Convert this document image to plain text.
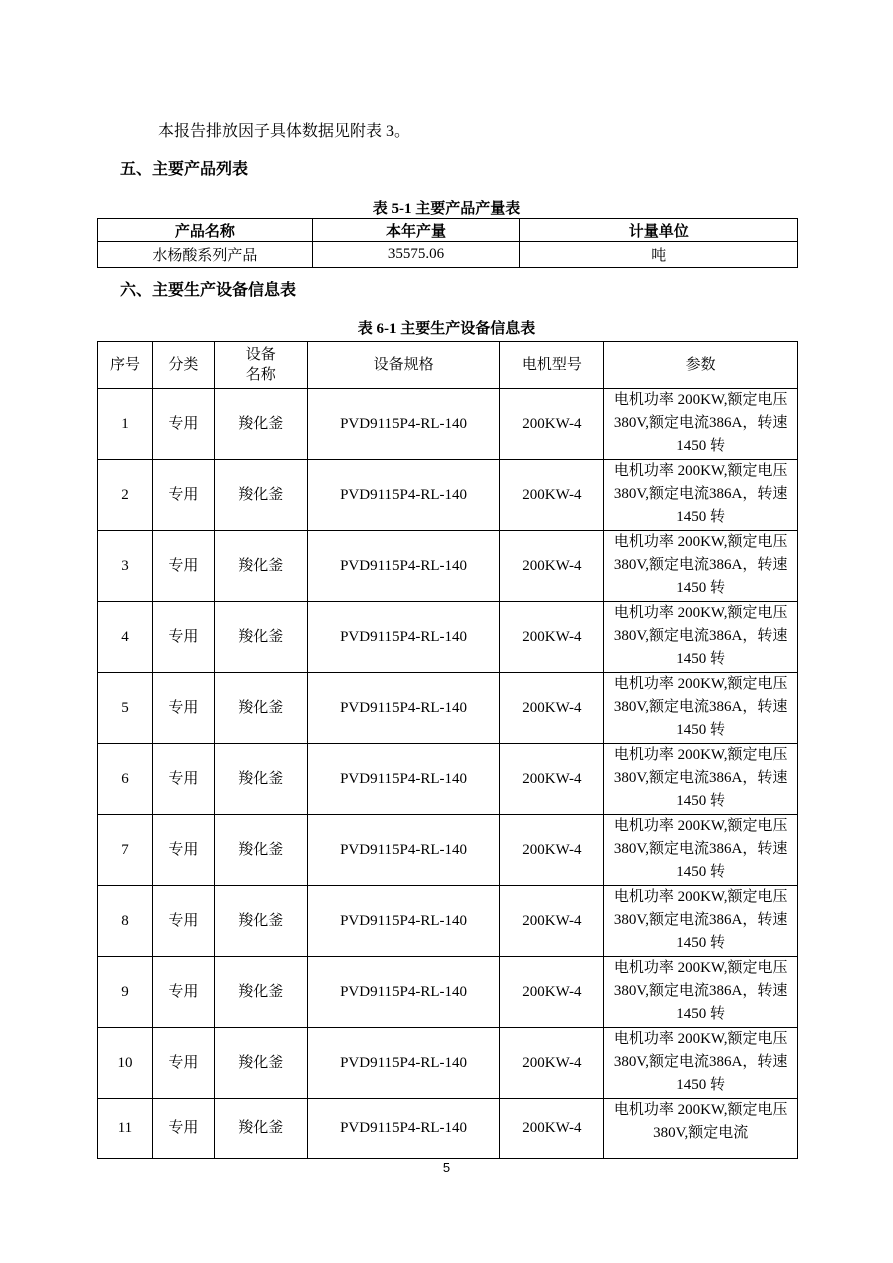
本报告排放因子具体数据见附表 3。
五、主要产品列表
表 5-1 主要产品产量表
产品名称	本年产量	计量单位
水杨酸系列产品	35575.06	吨
六、主要生产设备信息表
表 6-1 主要生产设备信息表
序号	分类	设备名称	设备规格	电机型号	参数
1	专用	羧化釜	PVD9115P4-RL-140	200KW-4	电机功率 200KW,额定电压 380V,额定电流386A，转速 1450 转
2	专用	羧化釜	PVD9115P4-RL-140	200KW-4	电机功率 200KW,额定电压 380V,额定电流386A，转速 1450 转
3	专用	羧化釜	PVD9115P4-RL-140	200KW-4	电机功率 200KW,额定电压 380V,额定电流386A，转速 1450 转
4	专用	羧化釜	PVD9115P4-RL-140	200KW-4	电机功率 200KW,额定电压 380V,额定电流386A，转速 1450 转
5	专用	羧化釜	PVD9115P4-RL-140	200KW-4	电机功率 200KW,额定电压 380V,额定电流386A，转速 1450 转
6	专用	羧化釜	PVD9115P4-RL-140	200KW-4	电机功率 200KW,额定电压 380V,额定电流386A，转速 1450 转
7	专用	羧化釜	PVD9115P4-RL-140	200KW-4	电机功率 200KW,额定电压 380V,额定电流386A，转速 1450 转
8	专用	羧化釜	PVD9115P4-RL-140	200KW-4	电机功率 200KW,额定电压 380V,额定电流386A，转速 1450 转
9	专用	羧化釜	PVD9115P4-RL-140	200KW-4	电机功率 200KW,额定电压 380V,额定电流386A，转速 1450 转
10	专用	羧化釜	PVD9115P4-RL-140	200KW-4	电机功率 200KW,额定电压 380V,额定电流386A，转速 1450 转
11	专用	羧化釜	PVD9115P4-RL-140	200KW-4	电机功率 200KW,额定电压 380V,额定电流
5
